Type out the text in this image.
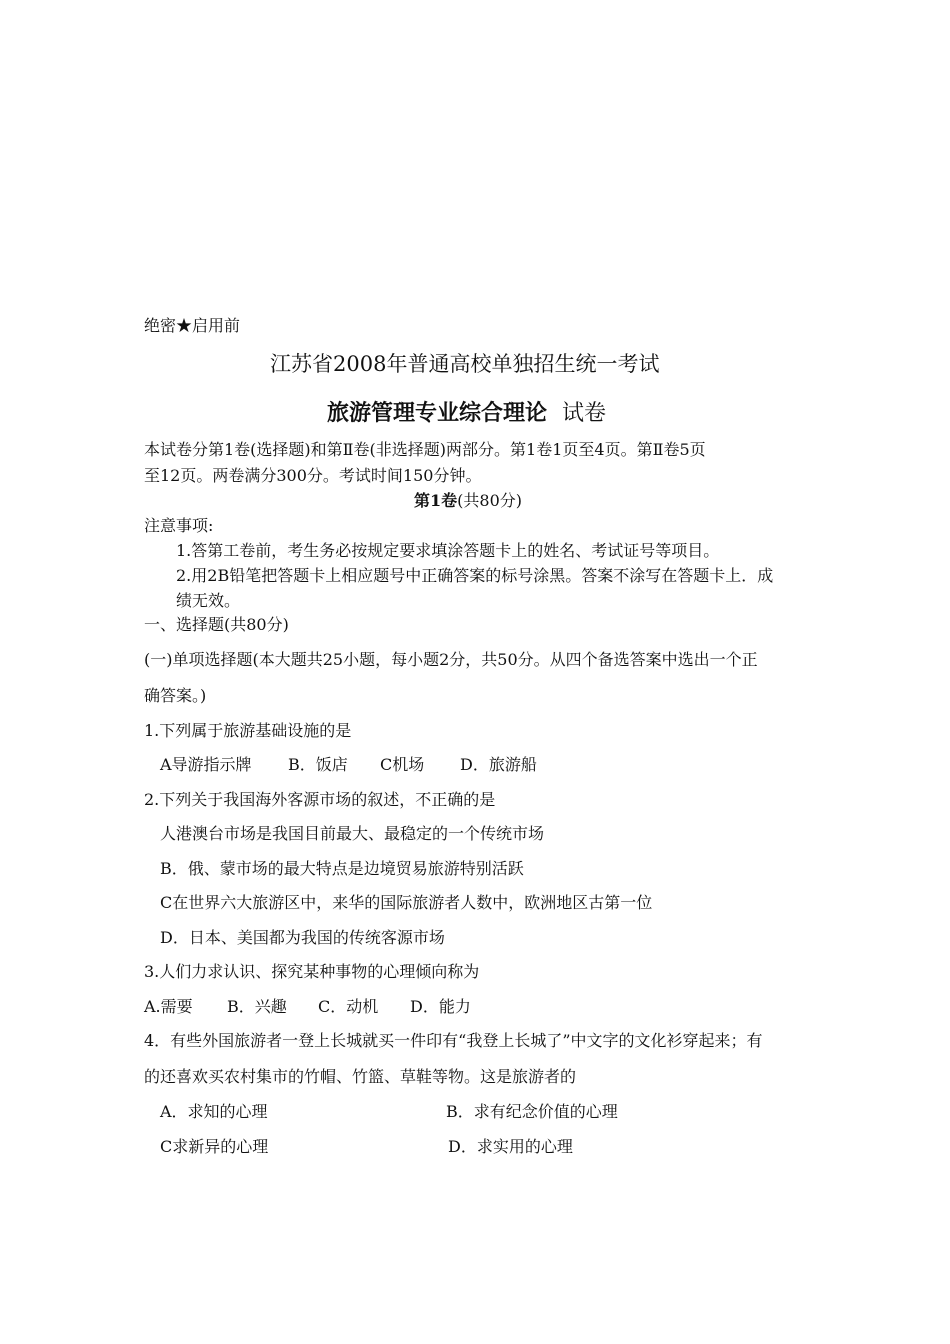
绝密★启用前
江苏省2008年普通高校单独招生统一考试
旅游管理专业综合理论 试卷
本试卷分第1卷(选择题)和第Ⅱ卷(非选择题)两部分。第1卷1页至4页。第Ⅱ卷5页
至12页。两卷满分300分。考试时间150分钟。
第1卷(共80分)
注意事项:
1.答第工卷前，考生务必按规定要求填涂答题卡上的姓名、考试证号等项目。
2.用2B铅笔把答题卡上相应题号中正确答案的标号涂黑。答案不涂写在答题卡上．成
绩无效。
一、选择题(共80分)
(一)单项选择题(本大题共25小题，每小题2分，共50分。从四个备选答案中选出一个正
确答案。)
1.下列属于旅游基础设施的是
A导游指示牌 B．饭店 C机场 D．旅游船
2.下列关于我国海外客源市场的叙述，不正确的是
人港澳台市场是我国目前最大、最稳定的一个传统市场
B．俄、蒙市场的最大特点是边境贸易旅游特别活跃
C在世界六大旅游区中，来华的国际旅游者人数中，欧洲地区古第一位
D．日本、美国都为我国的传统客源市场
3.人们力求认识、探究某种事物的心理倾向称为
A.需要 B．兴趣 C．动机 D．能力
4．有些外国旅游者一登上长城就买一件印有“我登上长城了”中文字的文化衫穿起来；有
的还喜欢买农村集市的竹帽、竹篮、草鞋等物。这是旅游者的
A．求知的心理	B．求有纪念价值的心理
C求新异的心理	D．求实用的心理
